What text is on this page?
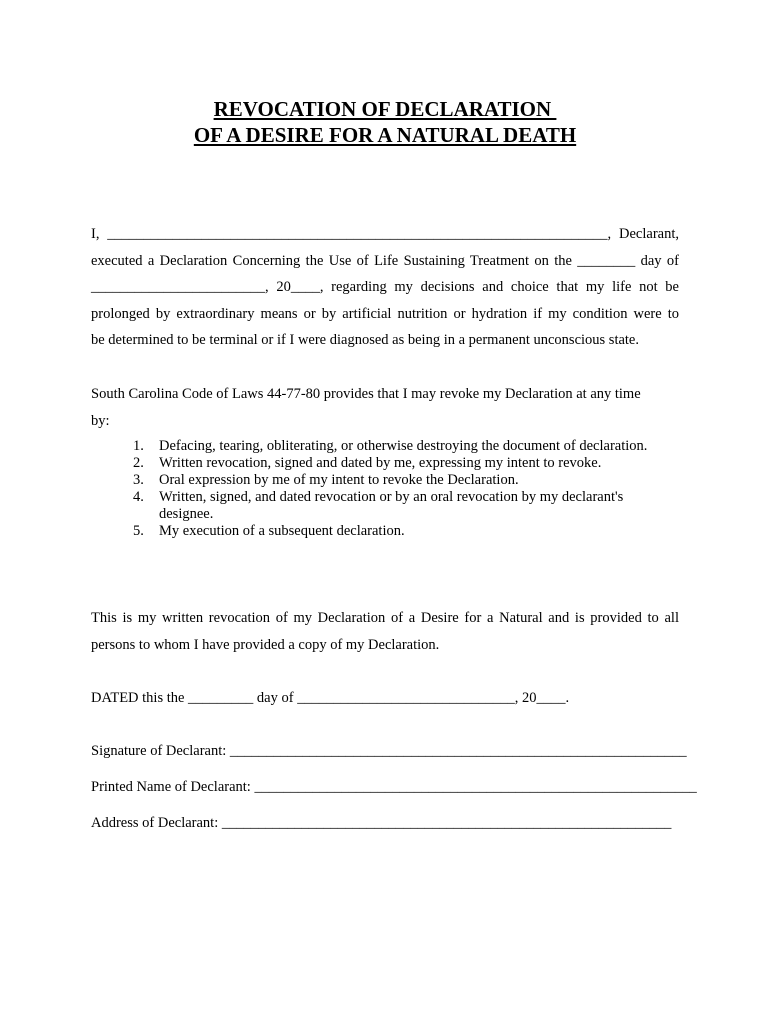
REVOCATION OF DECLARATION
OF A DESIRE FOR A NATURAL DEATH
I, _____________________________________________________________________, Declarant,
executed a Declaration Concerning the Use of Life Sustaining Treatment on the ________ day of
________________________, 20____, regarding my decisions and choice that my life not be
prolonged by extraordinary means or by artificial nutrition or hydration if my condition were to
be determined to be terminal or if I were diagnosed as being in a permanent unconscious state.
South Carolina Code of Laws 44-77-80 provides that I may revoke my Declaration at any time
by:
1. Defacing, tearing, obliterating, or otherwise destroying the document of declaration.
2. Written revocation, signed and dated by me, expressing my intent to revoke.
3. Oral expression by me of my intent to revoke the Declaration.
4. Written, signed, and dated revocation or by an oral revocation by my declarant's designee.
5. My execution of a subsequent declaration.
This is my written revocation of my Declaration of a Desire for a Natural and is provided to all
persons to whom I have provided a copy of my Declaration.
DATED this the _________ day of ______________________________, 20____.
Signature of Declarant: _______________________________________________________________
Printed Name of Declarant: _____________________________________________________________
Address of Declarant: ______________________________________________________________
